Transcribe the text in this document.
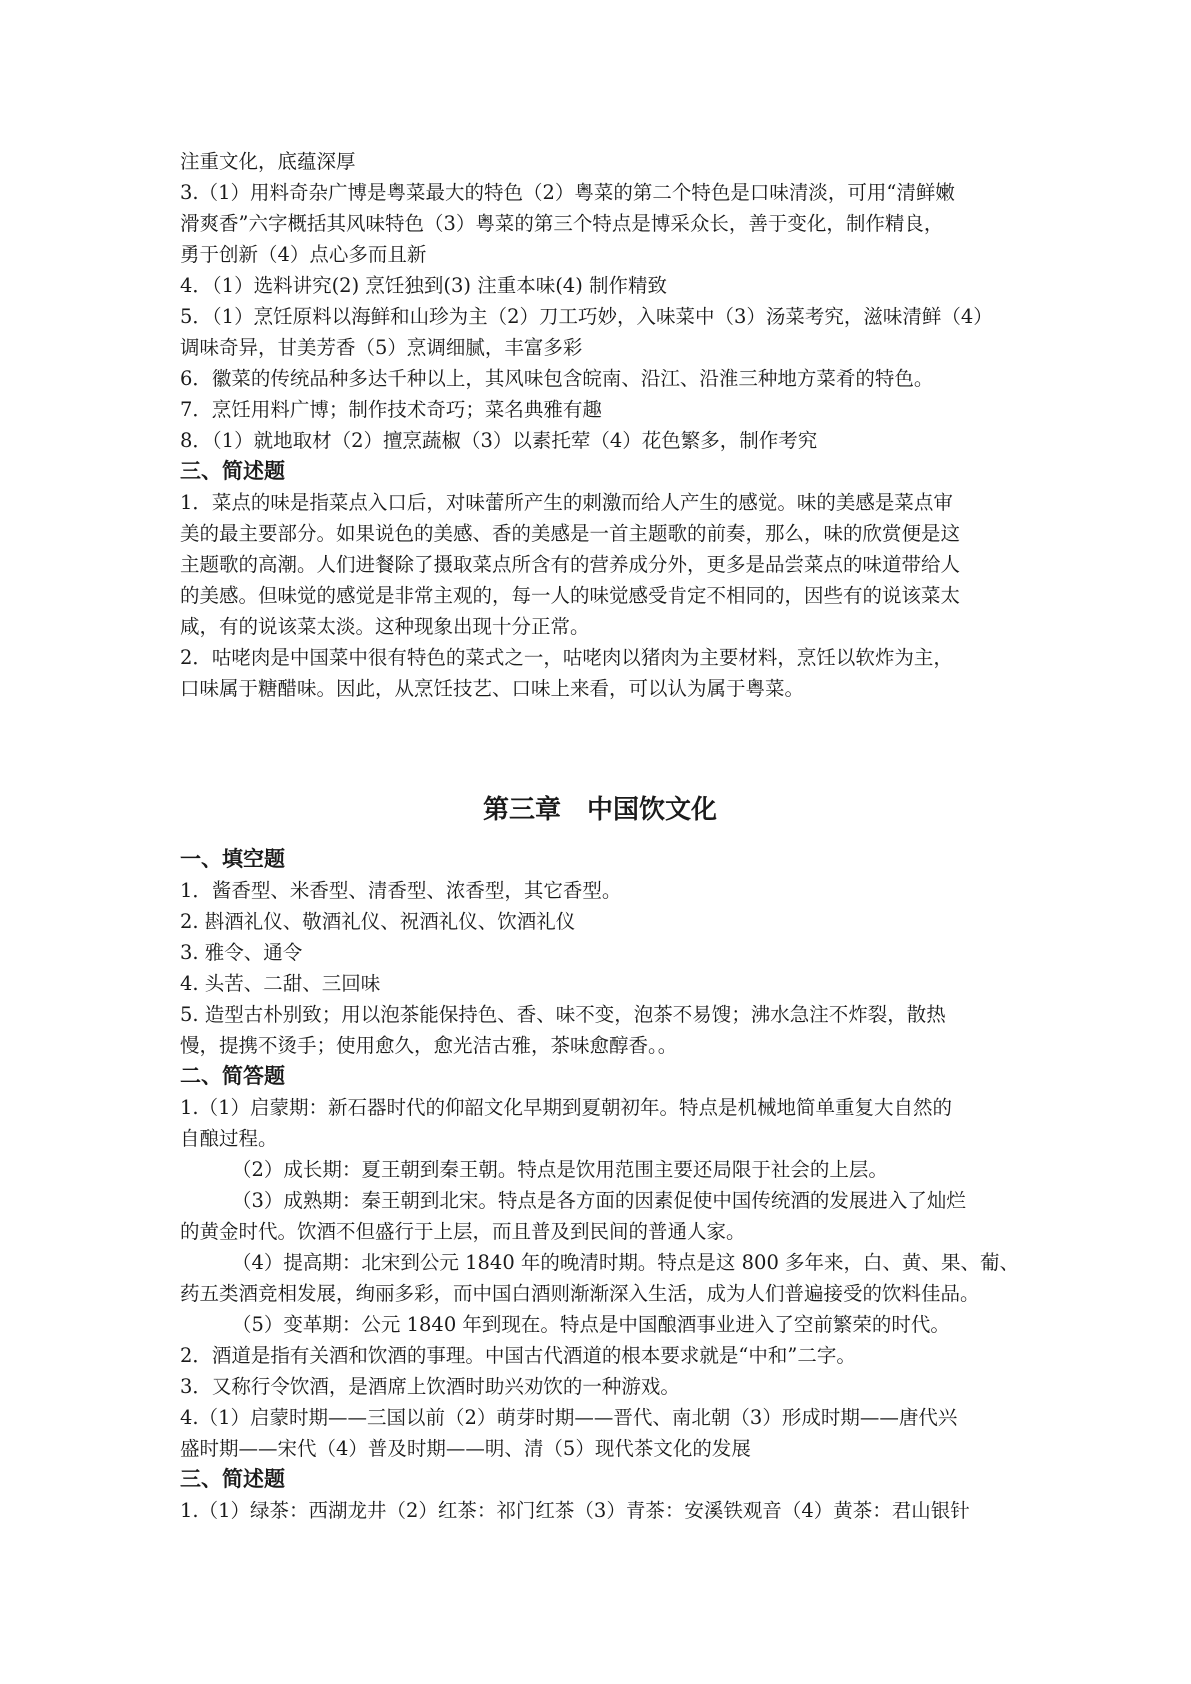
注重文化，底蕴深厚
3.（1）用料奇杂广博是粤菜最大的特色（2）粤菜的第二个特色是口味清淡，可用“清鲜嫩
滑爽香”六字概括其风味特色（3）粤菜的第三个特点是博采众长，善于变化，制作精良，
勇于创新（4）点心多而且新
4．（1）选料讲究(2) 烹饪独到(3) 注重本味(4) 制作精致
5．（1）烹饪原料以海鲜和山珍为主（2）刀工巧妙，入味菜中（3）汤菜考究，滋味清鲜（4）
调味奇异，甘美芳香（5）烹调细腻，丰富多彩
6．徽菜的传统品种多达千种以上，其风味包含皖南、沿江、沿淮三种地方菜肴的特色。
7．烹饪用料广博；制作技术奇巧；菜名典雅有趣
8．（1）就地取材（2）擅烹蔬椒（3）以素托荤（4）花色繁多，制作考究
三、简述题
1．菜点的味是指菜点入口后，对味蕾所产生的刺激而给人产生的感觉。味的美感是菜点审
美的最主要部分。如果说色的美感、香的美感是一首主题歌的前奏，那么，味的欣赏便是这
主题歌的高潮。人们进餐除了摄取菜点所含有的营养成分外，更多是品尝菜点的味道带给人
的美感。但味觉的感觉是非常主观的，每一人的味觉感受肯定不相同的，因些有的说该菜太
咸，有的说该菜太淡。这种现象出现十分正常。
2．咕咾肉是中国菜中很有特色的菜式之一，咕咾肉以猪肉为主要材料，烹饪以软炸为主，
口味属于糖醋味。因此，从烹饪技艺、口味上来看，可以认为属于粤菜。
第三章　中国饮文化
一、填空题
1．酱香型、米香型、清香型、浓香型，其它香型。
2. 斟酒礼仪、敬酒礼仪、祝酒礼仪、饮酒礼仪
3. 雅令、通令
4. 头苦、二甜、三回味
5. 造型古朴别致；用以泡茶能保持色、香、味不变，泡茶不易馊；沸水急注不炸裂，散热
慢，提携不烫手；使用愈久，愈光洁古雅，茶味愈醇香。。
二、简答题
1.（1）启蒙期：新石器时代的仰韶文化早期到夏朝初年。特点是机械地简单重复大自然的
自酿过程。
（2）成长期：夏王朝到秦王朝。特点是饮用范围主要还局限于社会的上层。
（3）成熟期：秦王朝到北宋。特点是各方面的因素促使中国传统酒的发展进入了灿烂
的黄金时代。饮酒不但盛行于上层，而且普及到民间的普通人家。
（4）提高期：北宋到公元 1840 年的晚清时期。特点是这 800 多年来，白、黄、果、葡、
药五类酒竞相发展，绚丽多彩，而中国白酒则渐渐深入生活，成为人们普遍接受的饮料佳品。
（5）变革期：公元 1840 年到现在。特点是中国酿酒事业进入了空前繁荣的时代。
2．酒道是指有关酒和饮酒的事理。中国古代酒道的根本要求就是“中和”二字。
3．又称行令饮酒，是酒席上饮酒时助兴劝饮的一种游戏。
4.（1）启蒙时期——三国以前（2）萌芽时期——晋代、南北朝（3）形成时期——唐代兴
盛时期——宋代（4）普及时期——明、清（5）现代茶文化的发展
三、简述题
1.（1）绿茶：西湖龙井（2）红茶：祁门红茶（3）青茶：安溪铁观音（4）黄茶：君山银针
